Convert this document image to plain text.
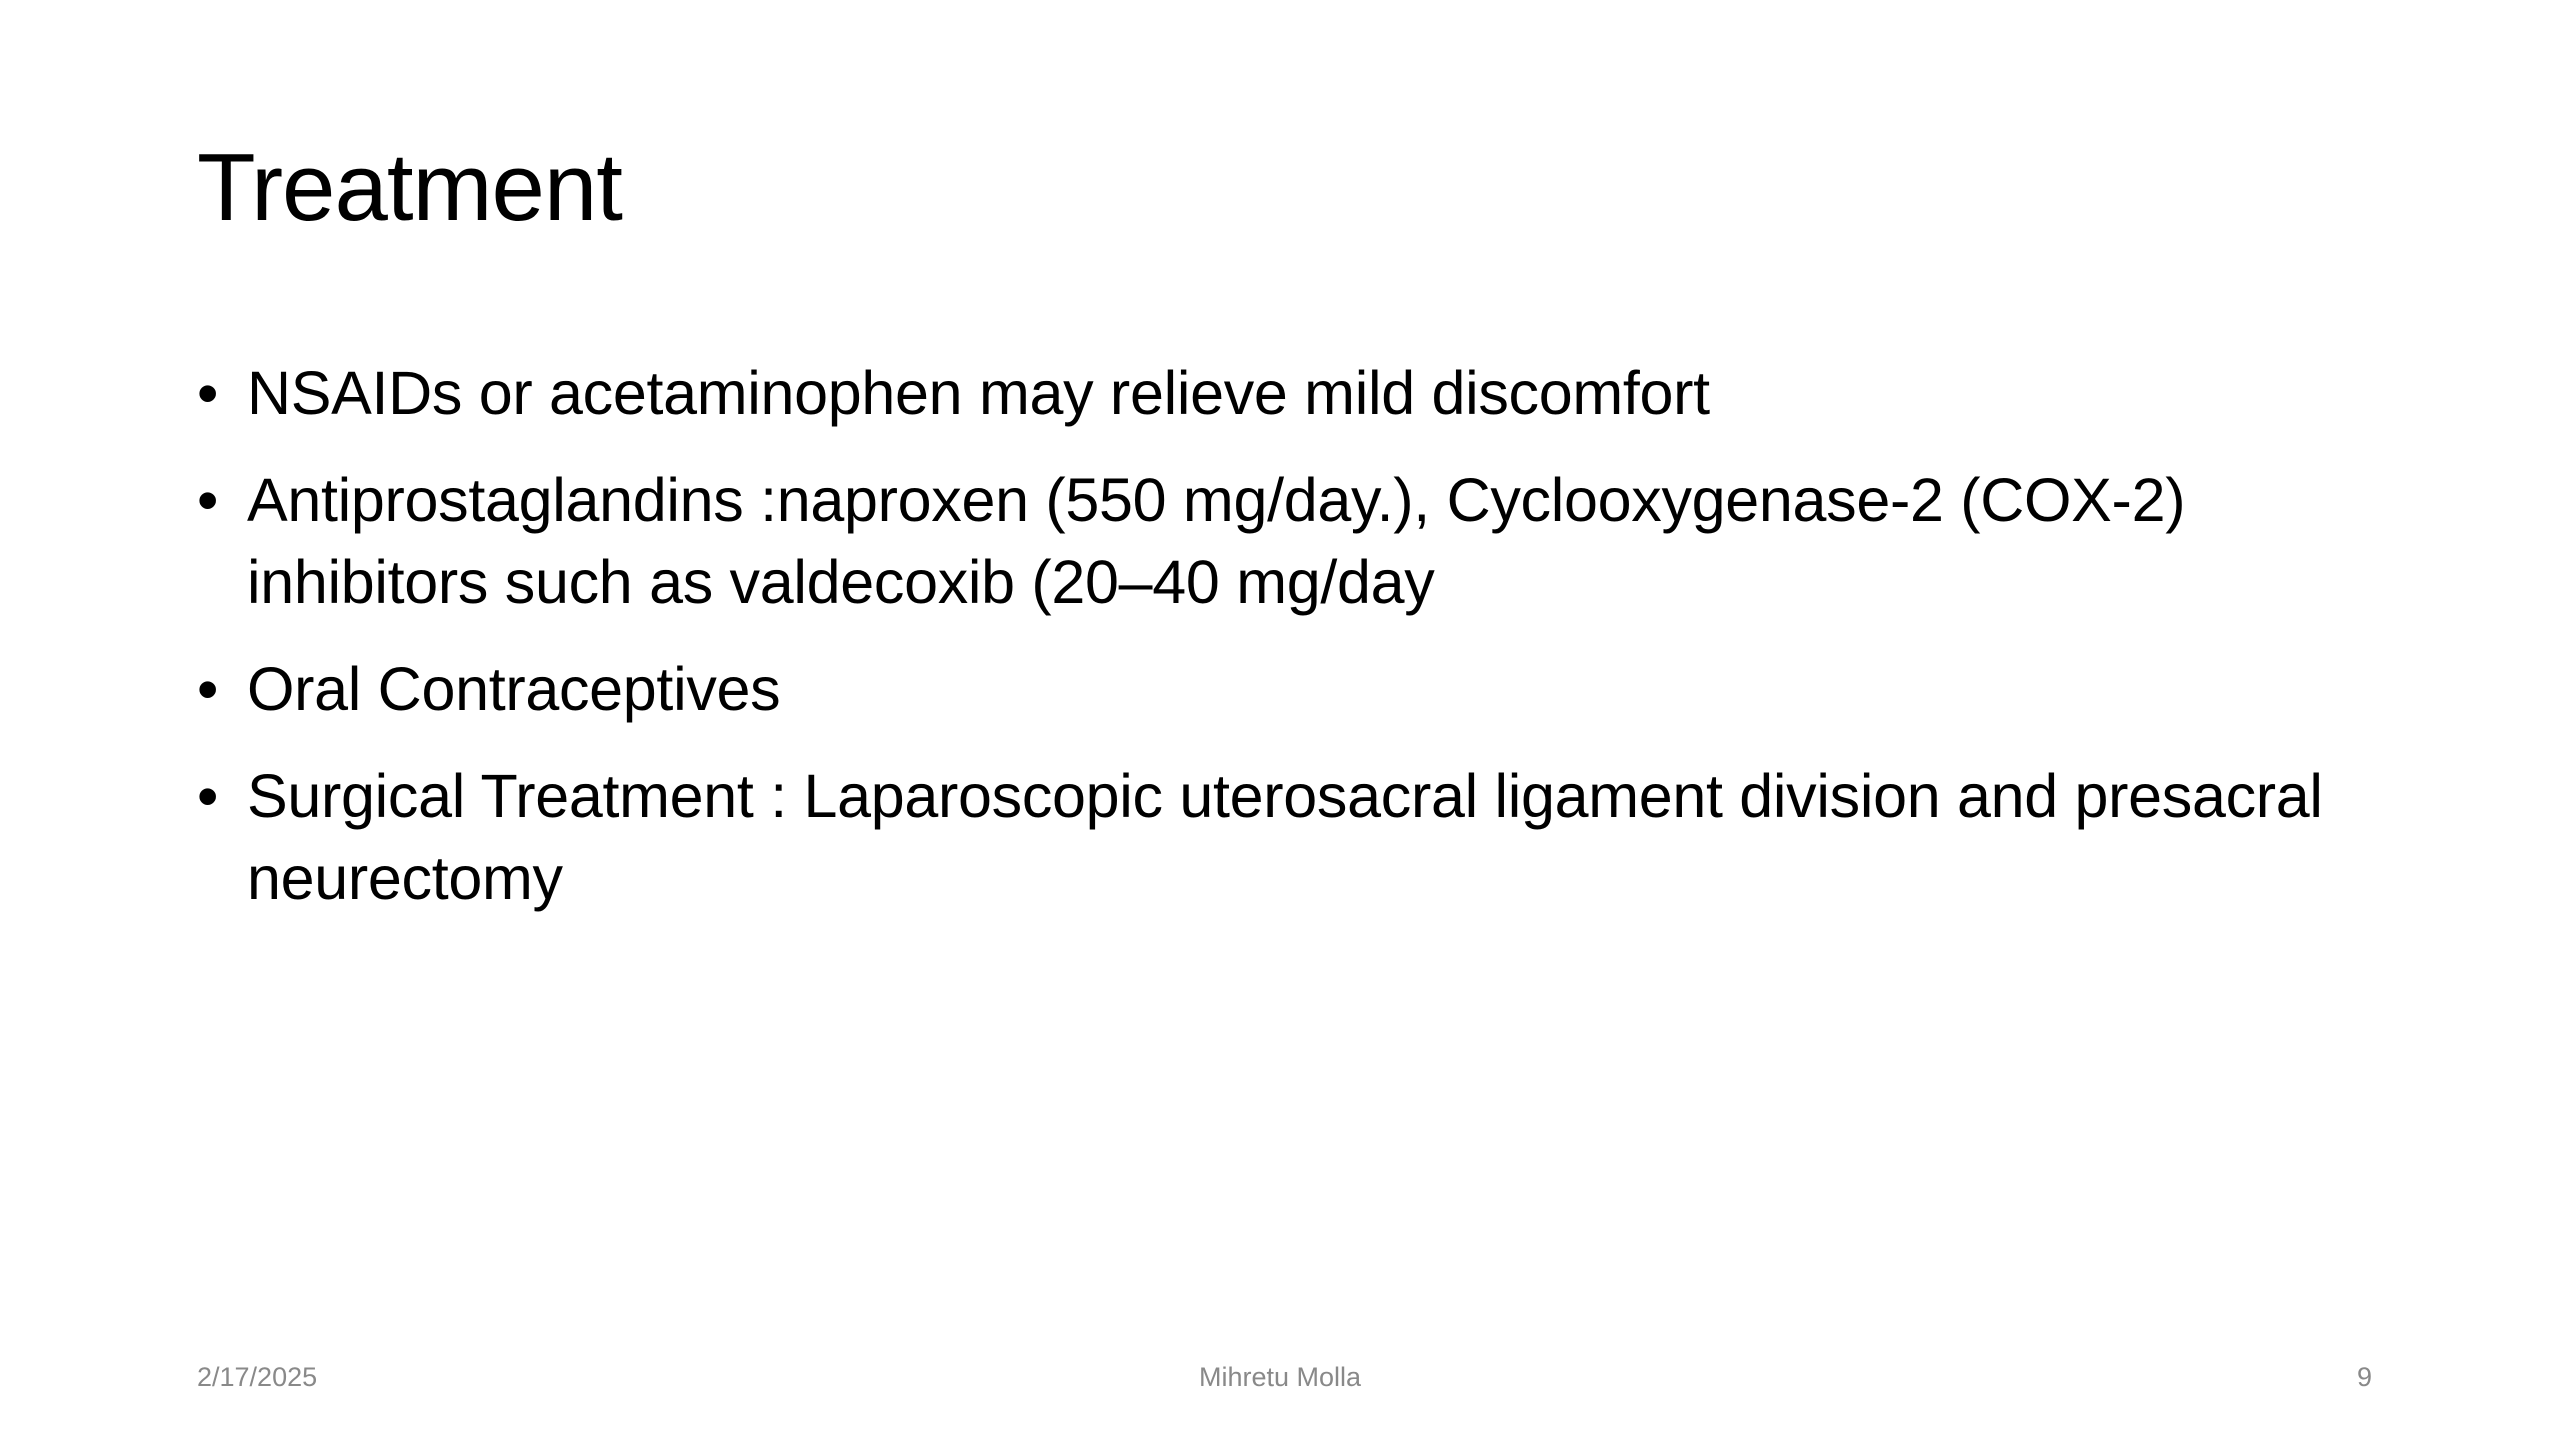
Treatment
• NSAIDs or acetaminophen may relieve mild discomfort
• Antiprostaglandins :naproxen (550 mg/day.), Cyclooxygenase-2 (COX-2) inhibitors such as valdecoxib (20–40 mg/day
• Oral Contraceptives
• Surgical Treatment : Laparoscopic uterosacral ligament division and presacral neurectomy
2/17/2025	Mihretu Molla	9
